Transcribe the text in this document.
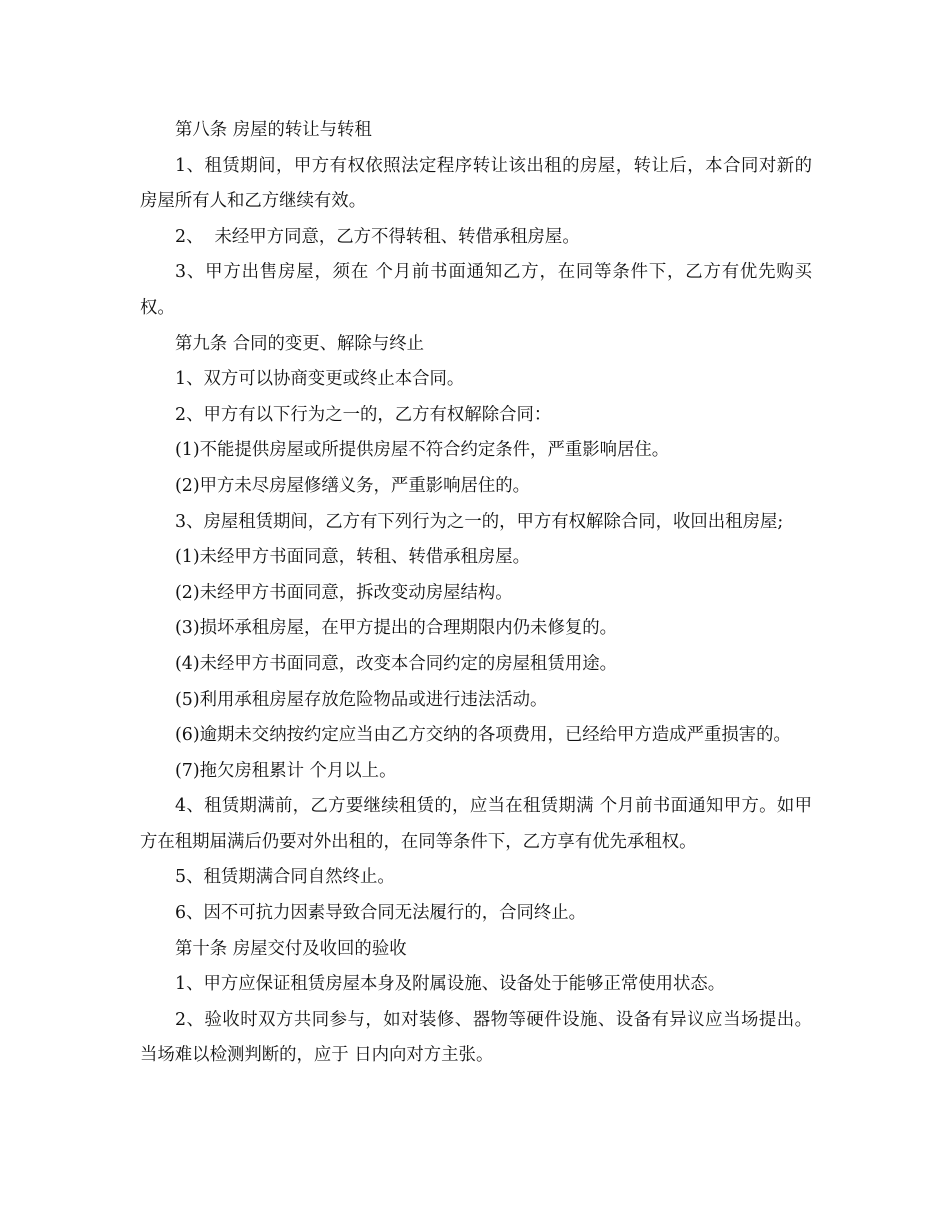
第八条 房屋的转让与转租

1、租赁期间，甲方有权依照法定程序转让该出租的房屋，转让后，本合同对新的房屋所有人和乙方继续有效。

2、  未经甲方同意，乙方不得转租、转借承租房屋。

3、甲方出售房屋，须在 个月前书面通知乙方，在同等条件下，乙方有优先购买权。

第九条 合同的变更、解除与终止

1、双方可以协商变更或终止本合同。

2、甲方有以下行为之一的，乙方有权解除合同：

(1)不能提供房屋或所提供房屋不符合约定条件，严重影响居住。

(2)甲方未尽房屋修缮义务，严重影响居住的。

3、房屋租赁期间，乙方有下列行为之一的，甲方有权解除合同，收回出租房屋;

(1)未经甲方书面同意，转租、转借承租房屋。

(2)未经甲方书面同意，拆改变动房屋结构。

(3)损坏承租房屋，在甲方提出的合理期限内仍未修复的。

(4)未经甲方书面同意，改变本合同约定的房屋租赁用途。

(5)利用承租房屋存放危险物品或进行违法活动。

(6)逾期未交纳按约定应当由乙方交纳的各项费用，已经给甲方造成严重损害的。

(7)拖欠房租累计 个月以上。

4、租赁期满前，乙方要继续租赁的，应当在租赁期满 个月前书面通知甲方。如甲方在租期届满后仍要对外出租的，在同等条件下，乙方享有优先承租权。

5、租赁期满合同自然终止。

6、因不可抗力因素导致合同无法履行的，合同终止。

第十条 房屋交付及收回的验收

1、甲方应保证租赁房屋本身及附属设施、设备处于能够正常使用状态。

2、验收时双方共同参与，如对装修、器物等硬件设施、设备有异议应当场提出。当场难以检测判断的，应于 日内向对方主张。
